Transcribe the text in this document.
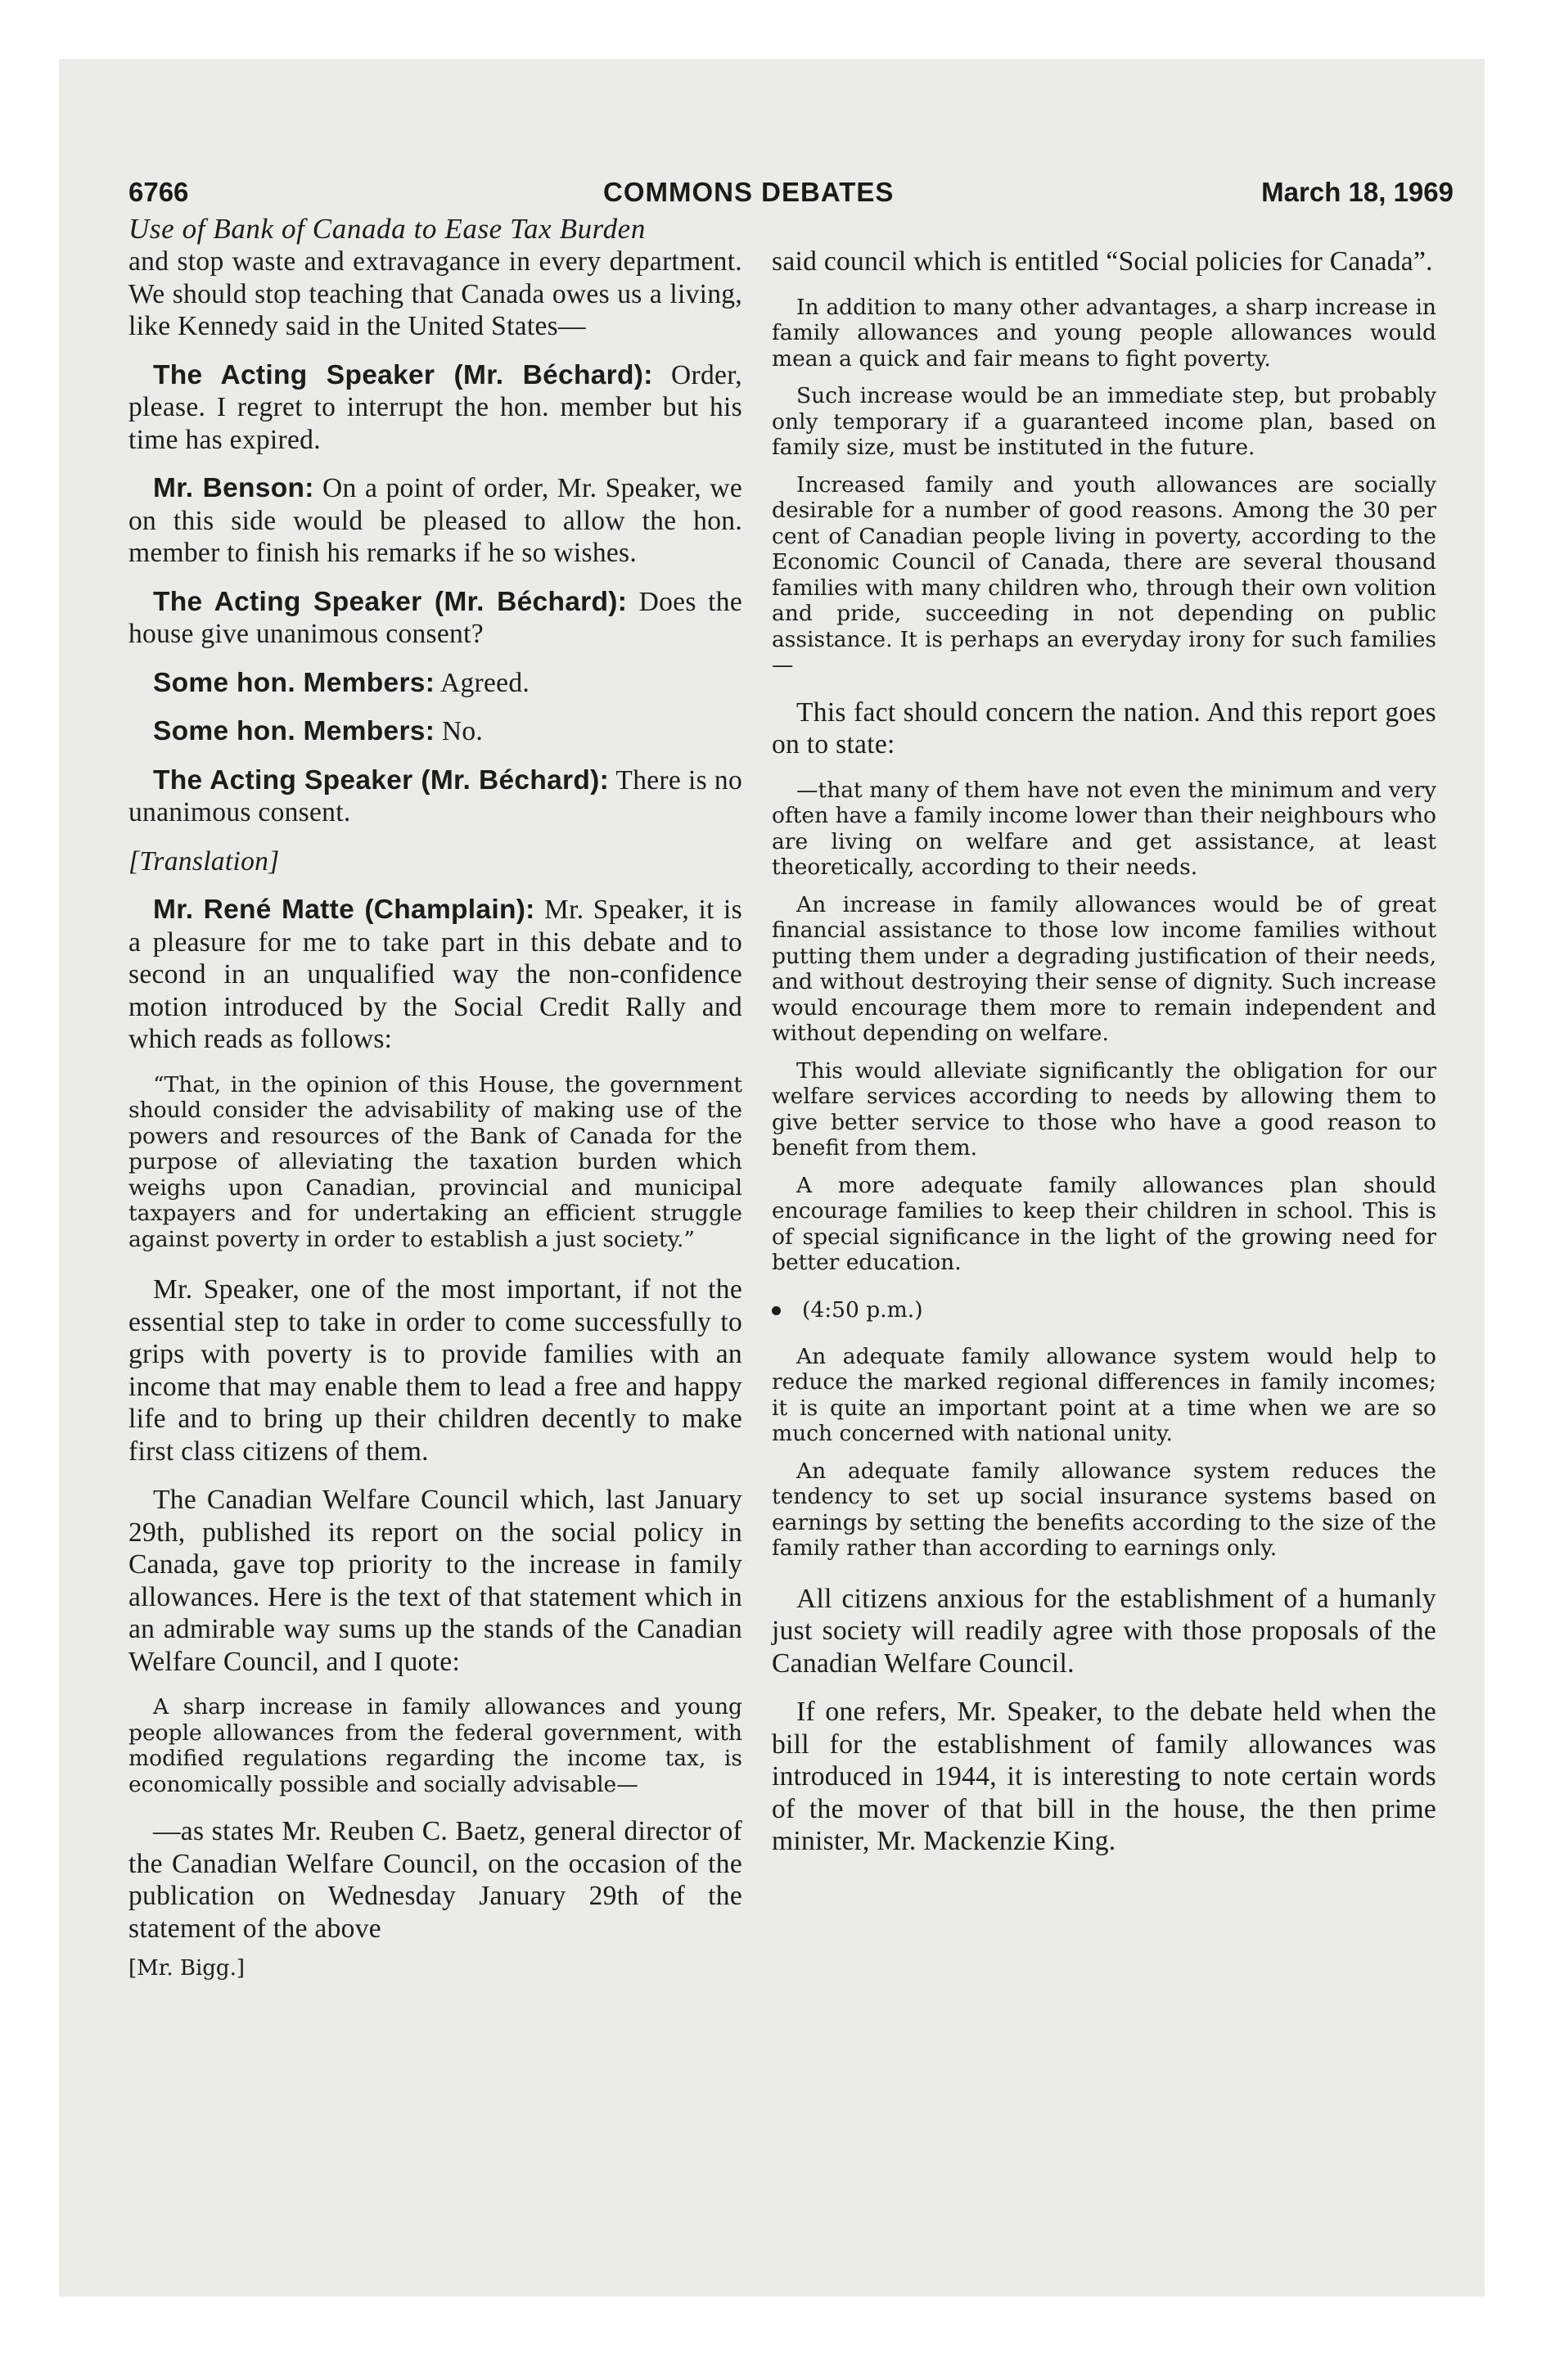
6766	COMMONS DEBATES	March 18, 1969
Use of Bank of Canada to Ease Tax Burden

and stop waste and extravagance in every department. We should stop teaching that Canada owes us a living, like Kennedy said in the United States—

The Acting Speaker (Mr. Béchard): Order, please. I regret to interrupt the hon. member but his time has expired.

Mr. Benson: On a point of order, Mr. Speaker, we on this side would be pleased to allow the hon. member to finish his remarks if he so wishes.

The Acting Speaker (Mr. Béchard): Does the house give unanimous consent?

Some hon. Members: Agreed.

Some hon. Members: No.

The Acting Speaker (Mr. Béchard): There is no unanimous consent.

[Translation]

Mr. René Matte (Champlain): Mr. Speaker, it is a pleasure for me to take part in this debate and to second in an unqualified way the non-confidence motion introduced by the Social Credit Rally and which reads as follows:

“That, in the opinion of this House, the government should consider the advisability of making use of the powers and resources of the Bank of Canada for the purpose of alleviating the taxation burden which weighs upon Canadian, provincial and municipal taxpayers and for undertaking an efficient struggle against poverty in order to establish a just society.”

Mr. Speaker, one of the most important, if not the essential step to take in order to come successfully to grips with poverty is to provide families with an income that may enable them to lead a free and happy life and to bring up their children decently to make first class citizens of them.

The Canadian Welfare Council which, last January 29th, published its report on the social policy in Canada, gave top priority to the increase in family allowances. Here is the text of that statement which in an admirable way sums up the stands of the Canadian Welfare Council, and I quote:

A sharp increase in family allowances and young people allowances from the federal government, with modified regulations regarding the income tax, is economically possible and socially advisable—

—as states Mr. Reuben C. Baetz, general director of the Canadian Welfare Council, on the occasion of the publication on Wednesday January 29th of the statement of the above

[Mr. Bigg.]

said council which is entitled “Social policies for Canada”.

In addition to many other advantages, a sharp increase in family allowances and young people allowances would mean a quick and fair means to fight poverty.

Such increase would be an immediate step, but probably only temporary if a guaranteed income plan, based on family size, must be instituted in the future.

Increased family and youth allowances are socially desirable for a number of good reasons. Among the 30 per cent of Canadian people living in poverty, according to the Economic Council of Canada, there are several thousand families with many children who, through their own volition and pride, succeeding in not depending on public assistance. It is perhaps an everyday irony for such families—

This fact should concern the nation. And this report goes on to state:

—that many of them have not even the minimum and very often have a family income lower than their neighbours who are living on welfare and get assistance, at least theoretically, according to their needs.

An increase in family allowances would be of great financial assistance to those low income families without putting them under a degrading justification of their needs, and without destroying their sense of dignity. Such increase would encourage them more to remain independent and without depending on welfare.

This would alleviate significantly the obligation for our welfare services according to needs by allowing them to give better service to those who have a good reason to benefit from them.

A more adequate family allowances plan should encourage families to keep their children in school. This is of special significance in the light of the growing need for better education.

(4:50 p.m.)

An adequate family allowance system would help to reduce the marked regional differences in family incomes; it is quite an important point at a time when we are so much concerned with national unity.

An adequate family allowance system reduces the tendency to set up social insurance systems based on earnings by setting the benefits according to the size of the family rather than according to earnings only.

All citizens anxious for the establishment of a humanly just society will readily agree with those proposals of the Canadian Welfare Council.

If one refers, Mr. Speaker, to the debate held when the bill for the establishment of family allowances was introduced in 1944, it is interesting to note certain words of the mover of that bill in the house, the then prime minister, Mr. Mackenzie King.
